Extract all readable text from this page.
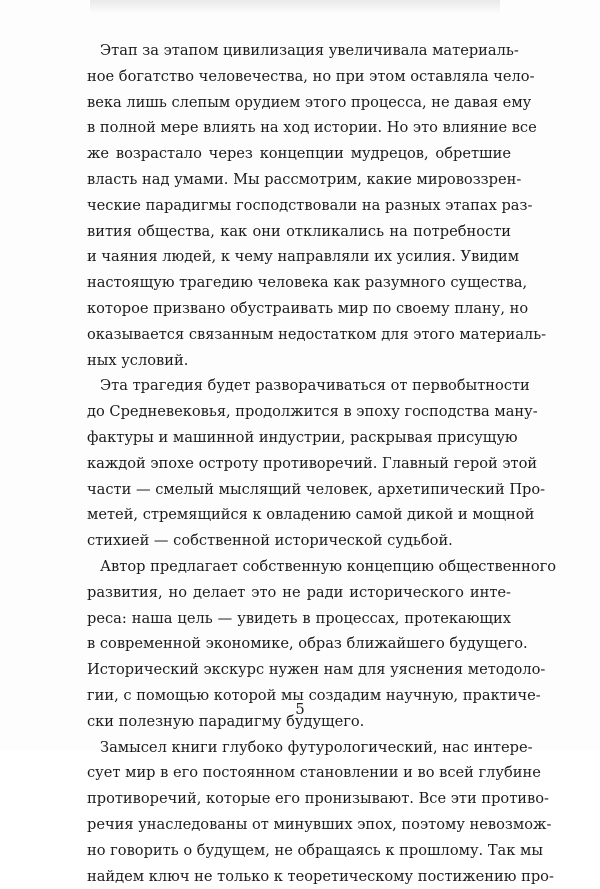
Этап за этапом цивилизация увеличивала материаль-
ное богатство человечества, но при этом оставляла чело-
века лишь слепым орудием этого процесса, не давая ему
в полной мере влиять на ход истории. Но это влияние все
же возрастало через концепции мудрецов, обретшие
власть над умами. Мы рассмотрим, какие мировоззрен-
ческие парадигмы господствовали на разных этапах раз-
вития общества, как они откликались на потребности
и чаяния людей, к чему направляли их усилия. Увидим
настоящую трагедию человека как разумного существа,
которое призвано обустраивать мир по своему плану, но
оказывается связанным недостатком для этого материаль-
ных условий.
Эта трагедия будет разворачиваться от первобытности
до Средневековья, продолжится в эпоху господства ману-
фактуры и машинной индустрии, раскрывая присущую
каждой эпохе остроту противоречий. Главный герой этой
части — смелый мыслящий человек, архетипический Про-
метей, стремящийся к овладению самой дикой и мощной
стихией — собственной исторической судьбой.
Автор предлагает собственную концепцию общественного
развития, но делает это не ради исторического инте-
реса: наша цель — увидеть в процессах, протекающих
в современной экономике, образ ближайшего будущего.
Исторический экскурс нужен нам для уяснения методоло-
гии, с помощью которой мы создадим научную, практиче-
ски полезную парадигму будущего.
Замысел книги глубоко футурологический, нас интере-
сует мир в его постоянном становлении и во всей глубине
противоречий, которые его пронизывают. Все эти противо-
речия унаследованы от минувших эпох, поэтому невозмож-
но говорить о будущем, не обращаясь к прошлому. Так мы
найдем ключ не только к теоретическому постижению про-
5
